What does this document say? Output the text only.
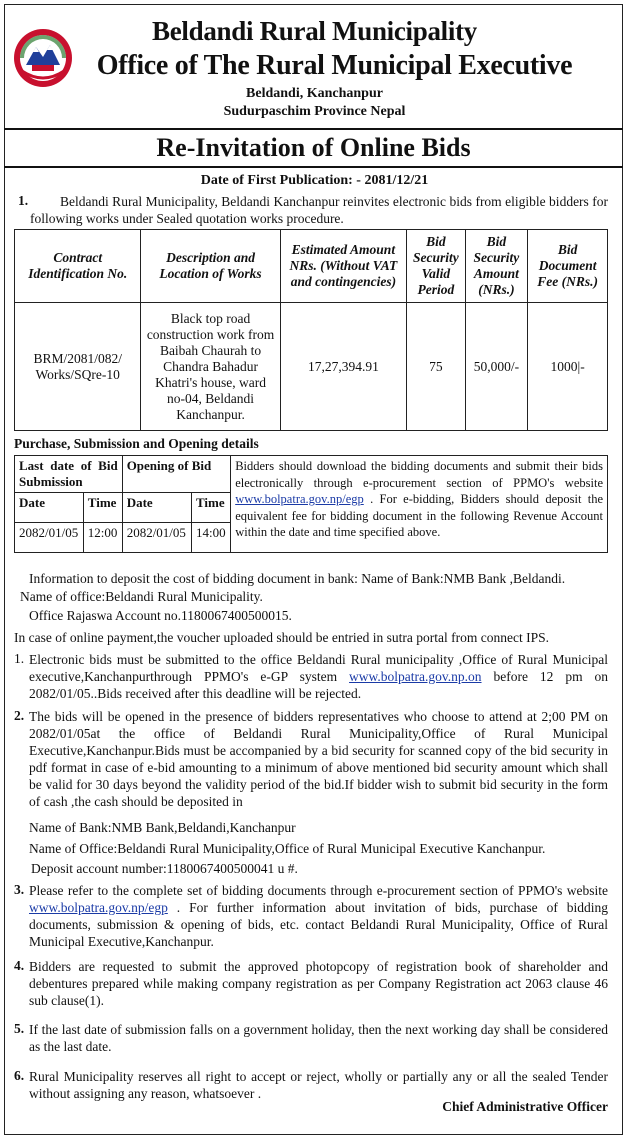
Beldandi Rural Municipality
Office of The Rural Municipal Executive
Beldandi, Kanchanpur
Sudurpaschim Province Nepal
Re-Invitation of Online Bids
Date of First Publication: - 2081/12/21
1.	Beldandi Rural Municipality, Beldandi Kanchanpur reinvites electronic bids from eligible bidders for following works under Sealed quotation works procedure.
Contract Identification No.	Description and Location of Works	Estimated Amount NRs. (Without VAT and contingencies)	Bid Security Valid Period	Bid Security Amount (NRs.)	Bid Document Fee (NRs.)
BRM/2081/082/ Works/SQre-10	Black top road construction work from Baibah Chaurah to Chandra Bahadur Khatri's house, ward no-04, Beldandi Kanchanpur.	17,27,394.91	75	50,000/-	1000|-
Purchase, Submission and Opening details
Last date of Bid Submission		Opening of Bid		Bidders should download the bidding documents and submit their bids electronically through e-procurement section of PPMO's website www.bolpatra.gov.np/egp . For e-bidding, Bidders should deposit the equivalent fee for bidding document in the following Revenue Account within the date and time specified above.
Date	Time	Date	Time	
2082/01/05	12:00	2082/01/05	14:00	
Information to deposit the cost of bidding document in bank: Name of Bank:NMB Bank ,Beldandi.
Name of office:Beldandi Rural Municipality.
Office Rajaswa Account no.1180067400500015.
In case of online payment,the voucher uploaded should be entried in sutra portal from connect IPS.
1. Electronic bids must be submitted to the office Beldandi Rural municipality ,Office of Rural Municipal executive,Kanchanpurthrough PPMO's e-GP system www.bolpatra.gov.np.on before 12 pm on 2082/01/05..Bids received after this deadline will be rejected.
2. The bids will be opened in the presence of bidders representatives who choose to attend at 2;00 PM on 2082/01/05at the office of Beldandi Rural Municipality,Office of Rural Municipal Executive,Kanchanpur.Bids must be accompanied by a bid security for scanned copy of the bid security in pdf format in case of e-bid amounting to a minimum of above mentioned bid security amount which shall be valid for 30 days beyond the validity period of the bid.If bidder wish to submit bid security in the form of cash ,the cash should be deposited in
Name of Bank:NMB Bank,Beldandi,Kanchanpur
Name of Office:Beldandi Rural Municipality,Office of Rural Municipal Executive Kanchanpur.
Deposit account number:1180067400500041 u #.
3. Please refer to the complete set of bidding documents through e-procurement section of PPMO's website www.bolpatra.gov.np/egp . For further information about invitation of bids, purchase of bidding documents, submission & opening of bids, etc. contact Beldandi Rural Municipality, Office of Rural Municipal Executive,Kanchanpur.
4. Bidders are requested to submit the approved photopcopy of registration book of shareholder and debentures prepared while making company registration as per Company Registration act 2063 clause 46 sub clause(1).
5. If the last date of submission falls on a government holiday, then the next working day shall be considered as the last date.
6. Rural Municipality reserves all right to accept or reject, wholly or partially any or all the sealed Tender without assigning any reason, whatsoever .
Chief Administrative Officer
